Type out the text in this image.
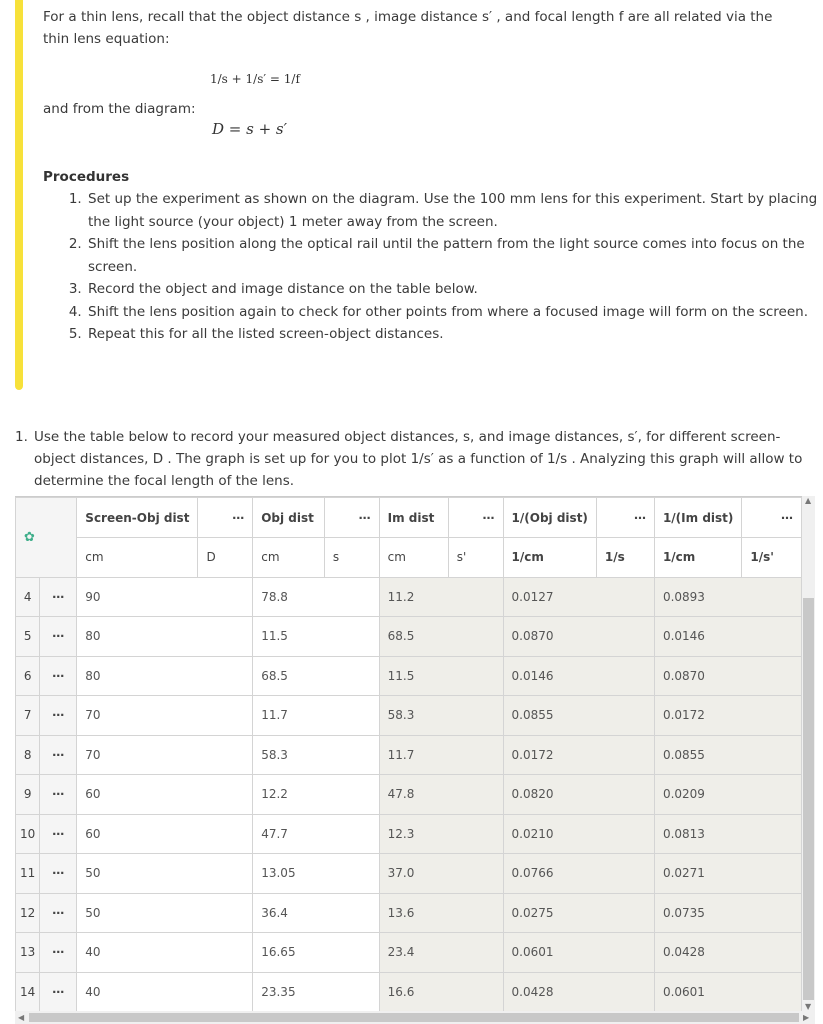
For a thin lens, recall that the object distance s , image distance s′ , and focal length f are all related via the thin lens equation:
1/s + 1/s′ = 1/f
and from the diagram:
D = s + s′
Procedures
1. Set up the experiment as shown on the diagram. Use the 100 mm lens for this experiment. Start by placing the light source (your object) 1 meter away from the screen.
2. Shift the lens position along the optical rail until the pattern from the light source comes into focus on the screen.
3. Record the object and image distance on the table below.
4. Shift the lens position again to check for other points from where a focused image will form on the screen.
5. Repeat this for all the listed screen-object distances.
1. Use the table below to record your measured object distances, s, and image distances, s′, for different screen-object distances, D . The graph is set up for you to plot 1/s′ as a function of 1/s . Analyzing this graph will allow to determine the focal length of the lens.
✿		Screen-Obj dist	⋯	Obj dist	⋯	Im dist	⋯	1/(Obj dist)	⋯	1/(Im dist)	⋯
		cm	D	cm	s	cm	s'	1/cm	1/s	1/cm	1/s'
4	⋯	90		78.8		11.2		0.0127		0.0893	
5	⋯	80		11.5		68.5		0.0870		0.0146	
6	⋯	80		68.5		11.5		0.0146		0.0870	
7	⋯	70		11.7		58.3		0.0855		0.0172	
8	⋯	70		58.3		11.7		0.0172		0.0855	
9	⋯	60		12.2		47.8		0.0820		0.0209	
10	⋯	60		47.7		12.3		0.0210		0.0813	
11	⋯	50		13.05		37.0		0.0766		0.0271	
12	⋯	50		36.4		13.6		0.0275		0.0735	
13	⋯	40		16.65		23.4		0.0601		0.0428	
14	⋯	40		23.35		16.6		0.0428		0.0601	
▲
▼
◀	▶
